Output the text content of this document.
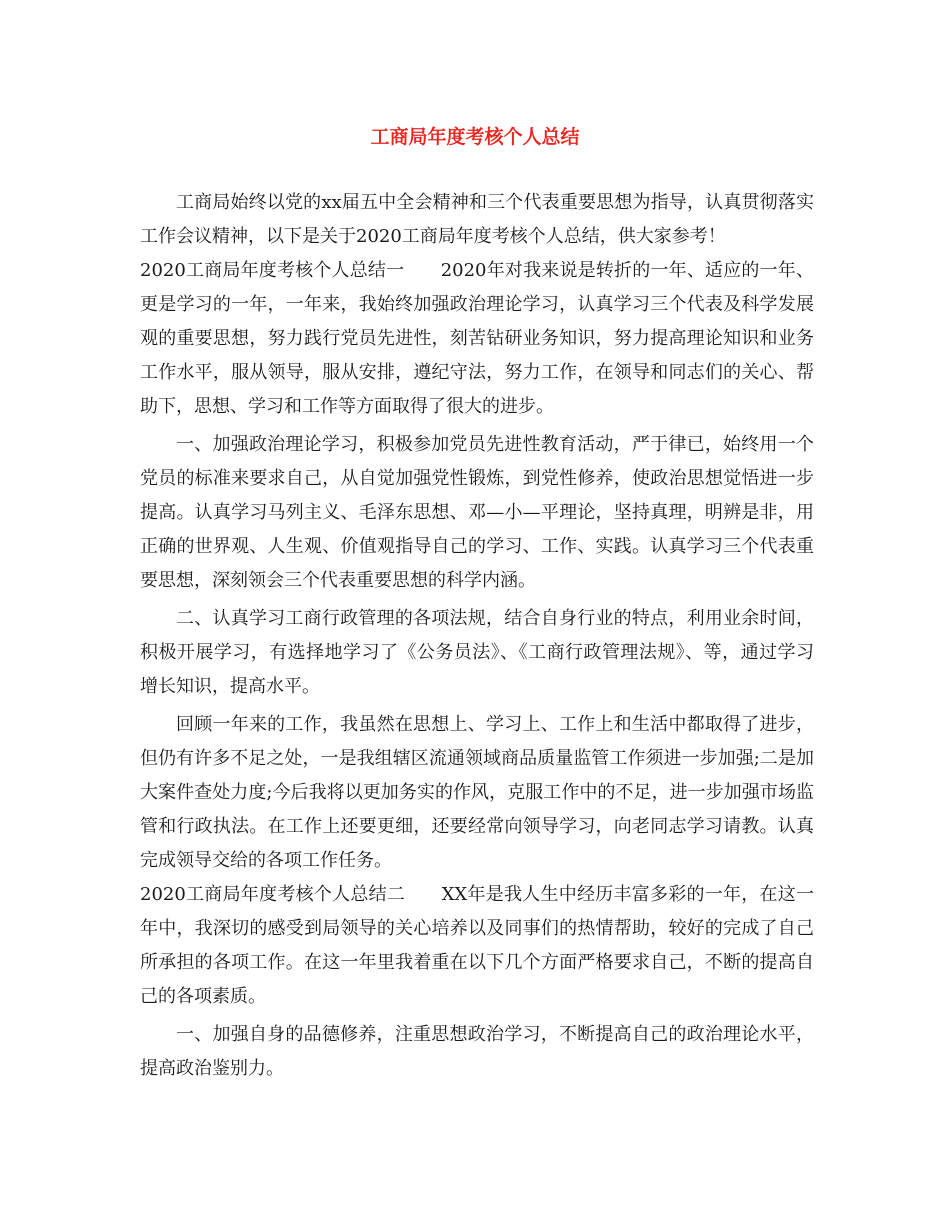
工商局年度考核个人总结

工商局始终以党的xx届五中全会精神和三个代表重要思想为指导，认真贯彻落实工作会议精神，以下是关于2020工商局年度考核个人总结，供大家参考！

2020工商局年度考核个人总结一　　2020年对我来说是转折的一年、适应的一年、更是学习的一年，一年来，我始终加强政治理论学习，认真学习三个代表及科学发展观的重要思想，努力践行党员先进性，刻苦钻研业务知识，努力提高理论知识和业务工作水平，服从领导，服从安排，遵纪守法，努力工作，在领导和同志们的关心、帮助下，思想、学习和工作等方面取得了很大的进步。

一、加强政治理论学习，积极参加党员先进性教育活动，严于律已，始终用一个党员的标准来要求自己，从自觉加强党性锻炼，到党性修养，使政治思想觉悟进一步提高。认真学习马列主义、毛泽东思想、邓—小—平理论，坚持真理，明辨是非，用正确的世界观、人生观、价值观指导自己的学习、工作、实践。认真学习三个代表重要思想，深刻领会三个代表重要思想的科学内涵。

二、认真学习工商行政管理的各项法规，结合自身行业的特点，利用业余时间，积极开展学习，有选择地学习了《公务员法》、《工商行政管理法规》、等，通过学习增长知识，提高水平。

回顾一年来的工作，我虽然在思想上、学习上、工作上和生活中都取得了进步，但仍有许多不足之处，一是我组辖区流通领域商品质量监管工作须进一步加强;二是加大案件查处力度;今后我将以更加务实的作风，克服工作中的不足，进一步加强市场监管和行政执法。在工作上还要更细，还要经常向领导学习，向老同志学习请教。认真完成领导交给的各项工作任务。

2020工商局年度考核个人总结二　　XX年是我人生中经历丰富多彩的一年，在这一年中，我深切的感受到局领导的关心培养以及同事们的热情帮助，较好的完成了自己所承担的各项工作。在这一年里我着重在以下几个方面严格要求自己，不断的提高自己的各项素质。

一、加强自身的品德修养，注重思想政治学习，不断提高自己的政治理论水平，提高政治鉴别力。
